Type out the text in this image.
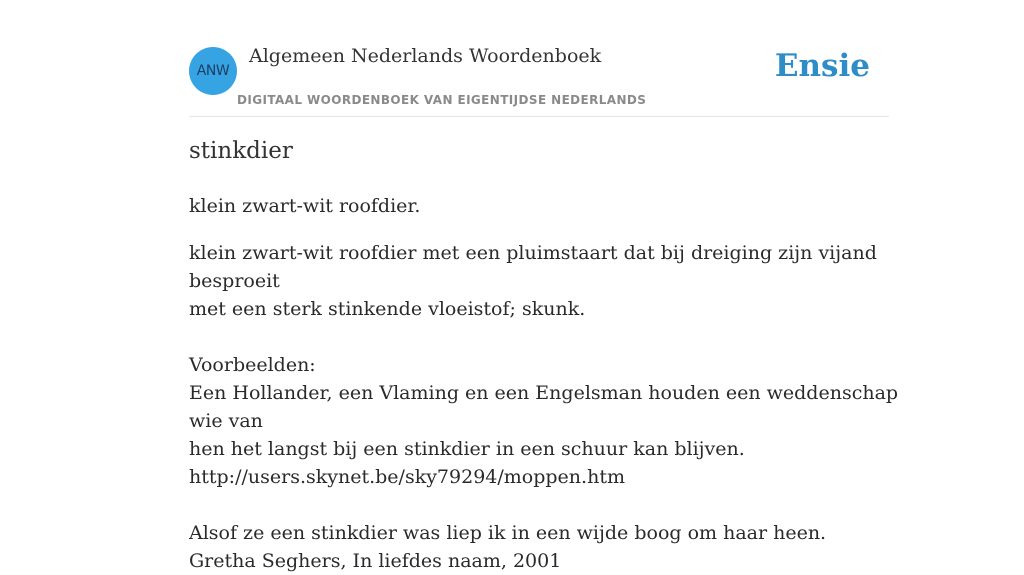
ANW
Algemeen Nederlands Woordenboek
DIGITAAL WOORDENBOEK VAN EIGENTIJDSE NEDERLANDS
Ensie
stinkdier

klein zwart-wit roofdier.

klein zwart-wit roofdier met een pluimstaart dat bij dreiging zijn vijand besproeit

met een sterk stinkende vloeistof; skunk.

Voorbeelden:

Een Hollander, een Vlaming en een Engelsman houden een weddenschap wie van

hen het langst bij een stinkdier in een schuur kan blijven.

http://users.skynet.be/sky79294/moppen.htm

Alsof ze een stinkdier was liep ik in een wijde boog om haar heen.

Gretha Seghers, In liefdes naam, 2001
